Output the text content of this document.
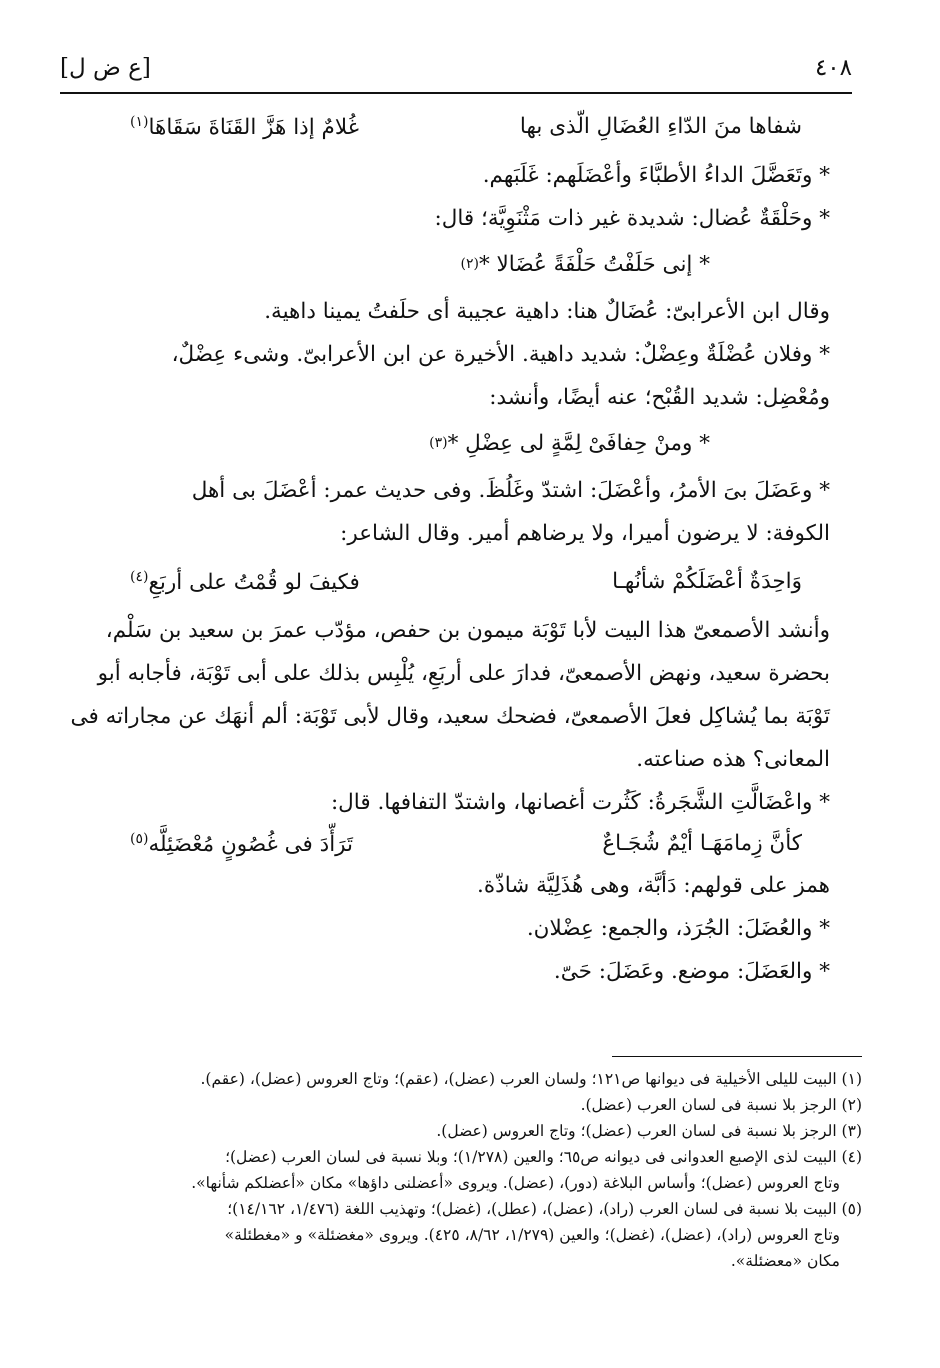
٤٠٨
[ع ض ل]
شفاها منَ الدّاءِ العُضَالِ الّذى بها
غُلامٌ إذا هَزَّ القَنَاةَ سَقَاهَا$^{(١)}$
* وتَعَضَّلَ الداءُ الأطبَّاءَ وأعْضَلَهم: غَلَبَهم.
* وحَلْقَةٌ عُضال: شديدة غير ذات مَثْنَوِيَّة؛ قال:
* إنى حَلَفْتُ حَلْفَةً عُضَالا *
(٢)
وقال ابن الأعرابىّ: عُضَالٌ هنا: داهية عجيبة أى حلَفتُ يمينا داهية.
* وفلان عُضْلَةٌ وعِضْلٌ: شديد داهية. الأخيرة عن ابن الأعرابىّ. وشىء عِضْلٌ،
ومُعْضِل: شديد القُبْح؛ عنه أيضًا، وأنشد:
* ومنْ حِفافَىْ لِمَّةٍ لى عِضْلِ *
(٣)
* وعَضَلَ بىَ الأمرُ، وأعْضَلَ: اشتدّ وغَلُظَ. وفى حديث عمر: أعْضَلَ بى أهل
الكوفة: لا يرضون أميرا، ولا يرضاهم أمير. وقال الشاعر:
وَاحِدَةٌ أعْضَلَكُمْ شأنُهـا
فكيفَ لو قُمْتُ على أربَعِ$^{(٤)}$
وأنشد الأصمعىّ هذا البيت لأبا تَوْبَة ميمون بن حفص، مؤدّب عمرَ بن سعيد بن سَلْم،
بحضرة سعيد، ونهض الأصمعىّ، فدارَ على أربَعِ، يُلْبِس بذلك على أبى تَوْبَة، فأجابه أبو
تَوْبَة بما يُشاكِل فعلَ الأصمعىّ، فضحك سعيد، وقال لأبى تَوْبَة: ألم أنهَك عن مجاراته فى
المعانى؟ هذه صناعته.
* واعْضَالَّتِ الشَّجَرةُ: كَثُرت أغصانها، واشتدّ التفافها. قال:
كأنَّ زِمامَهَـا أيْمٌ شُجَـاعٌ
تَرَأّدَ فى غُصُونٍ مُعْضَئِلَّه$^{(٥)}$
همز على قولهم: دَأبَّة، وهى هُذَلِيَّة شاذّة.
* والعُضَلَ: الجُرَذ، والجمع: عِضْلان.
* والعَضَلَ: موضع. وعَضَلَ: حَىّ.
(١) البيت لليلى الأخيلية فى ديوانها ص١٢١؛ ولسان العرب (عضل)، (عقم)؛ وتاج العروس (عضل)، (عقم).
(٢) الرجز بلا نسبة فى لسان العرب (عضل).
(٣) الرجز بلا نسبة فى لسان العرب (عضل)؛ وتاج العروس (عضل).
(٤) البيت لذى الإصبع العدوانى فى ديوانه ص٦٥؛ والعين (١/٢٧٨)؛ وبلا نسبة فى لسان العرب (عضل)؛
وتاج العروس (عضل)؛ وأساس البلاغة (دور)، (عضل). ويروى «أعضلنى داؤها» مكان «أعضلكم شأنها».
(٥) البيت بلا نسبة فى لسان العرب (راد)، (عضل)، (عطل)، (غضل)؛ وتهذيب اللغة (١/٤٧٦، ١٤/١٦٢)؛
وتاج العروس (راد)، (عضل)، (غضل)؛ والعين (١/٢٧٩، ٨/٦٢، ٤٢٥). ويروى «مغضئلة» و «مغطئلة»
مكان «معضئلة».
